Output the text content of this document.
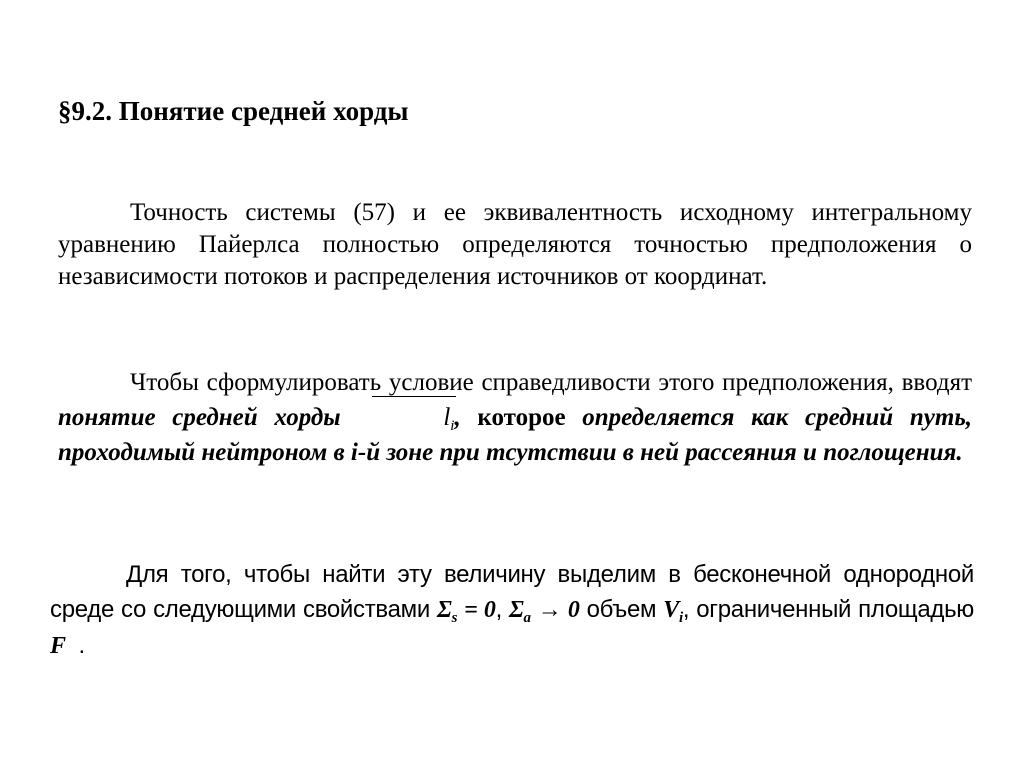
§9.2. Понятие средней хорды

Точность системы (57) и ее эквивалентность исходному интегральному уравнению Пайерлса полностью определяются точностью предположения о независимости потоков и распределения источников от координат.

Чтобы сформулировать условие справедливости этого предположения, вводят понятие средней хорды	$l_i$, которое определяется как средний путь, проходимый нейтроном в i-й зоне при тсутствии в ней рассеяния и поглощения.

Для того, чтобы найти эту величину выделим в бесконечной однородной среде со следующими свойствами $\Sigma_s = 0$, $\Sigma_a \to 0$ объем $V_i$, ограниченный площадью F .
